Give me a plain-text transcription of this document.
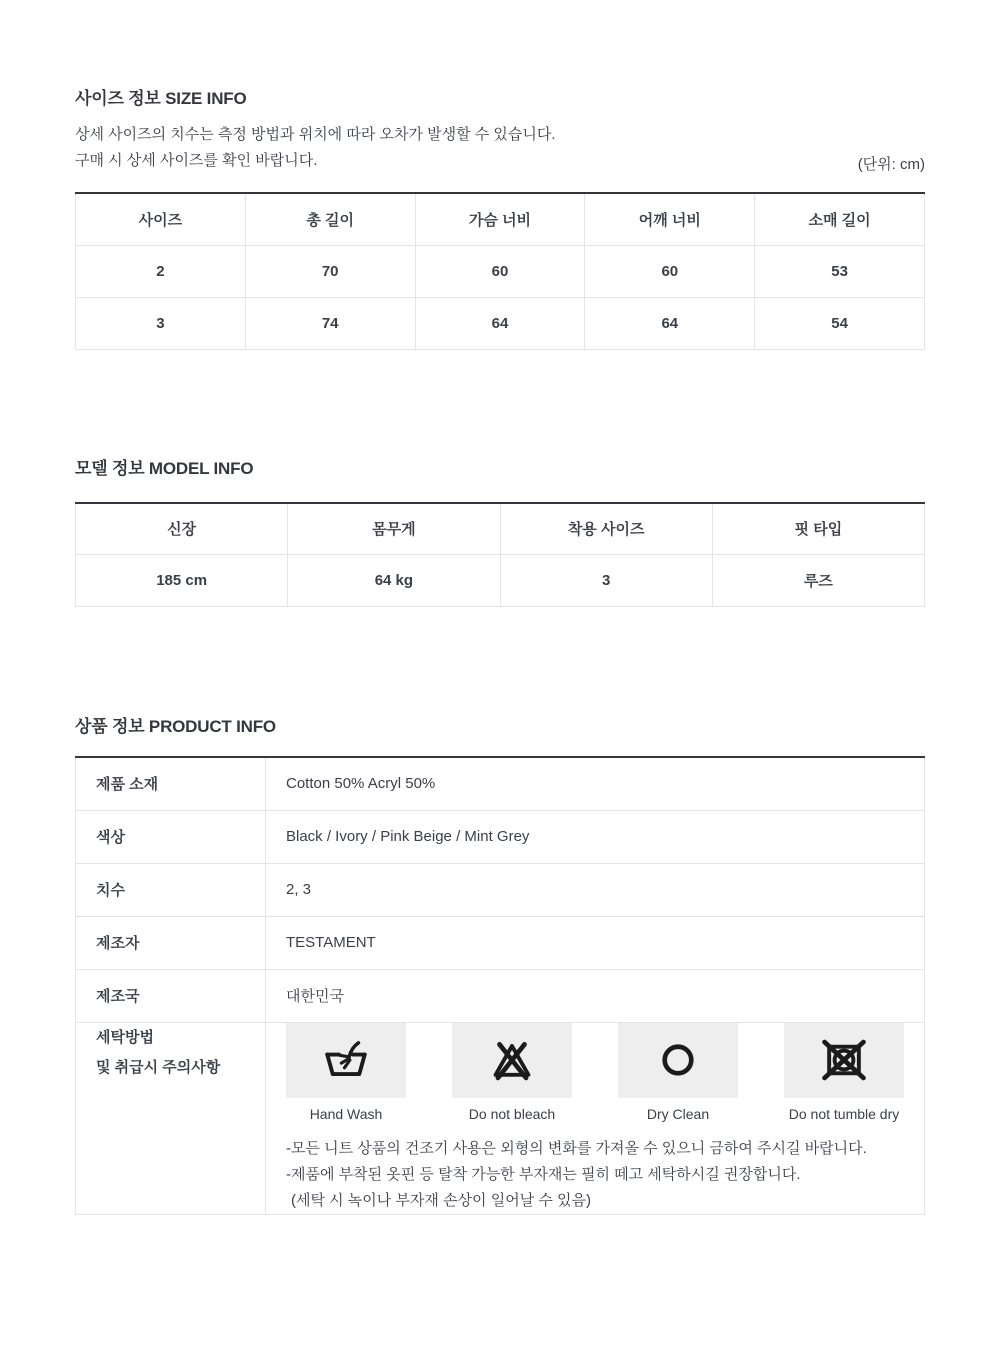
사이즈 정보 SIZE INFO

상세 사이즈의 치수는 측정 방법과 위치에 따라 오차가 발생할 수 있습니다.

구매 시 상세 사이즈를 확인 바랍니다.	(단위: cm)
사이즈	총 길이	가슴 너비	어깨 너비	소매 길이
2	70	60	60	53
3	74	64	64	54
모델 정보 MODEL INFO
신장	몸무게	착용 사이즈	핏 타입
185 cm	64 kg	3	루즈
상품 정보 PRODUCT INFO
제품 소재	Cotton 50% Acryl 50%
색상	Black / Ivory / Pink Beige / Mint Grey
치수	2, 3
제조자	TESTAMENT
제조국	대한민국

세탁방법
및 취급시 주의사항

Hand Wash	Do not bleach	Dry Clean	Do not tumble dry
-모든 니트 상품의 건조기 사용은 외형의 변화를 가져올 수 있으니 금하여 주시길 바랍니다.
-제품에 부착된 옷핀 등 탈착 가능한 부자재는 필히 떼고 세탁하시길 권장합니다.
(세탁 시 녹이나 부자재 손상이 일어날 수 있음)
